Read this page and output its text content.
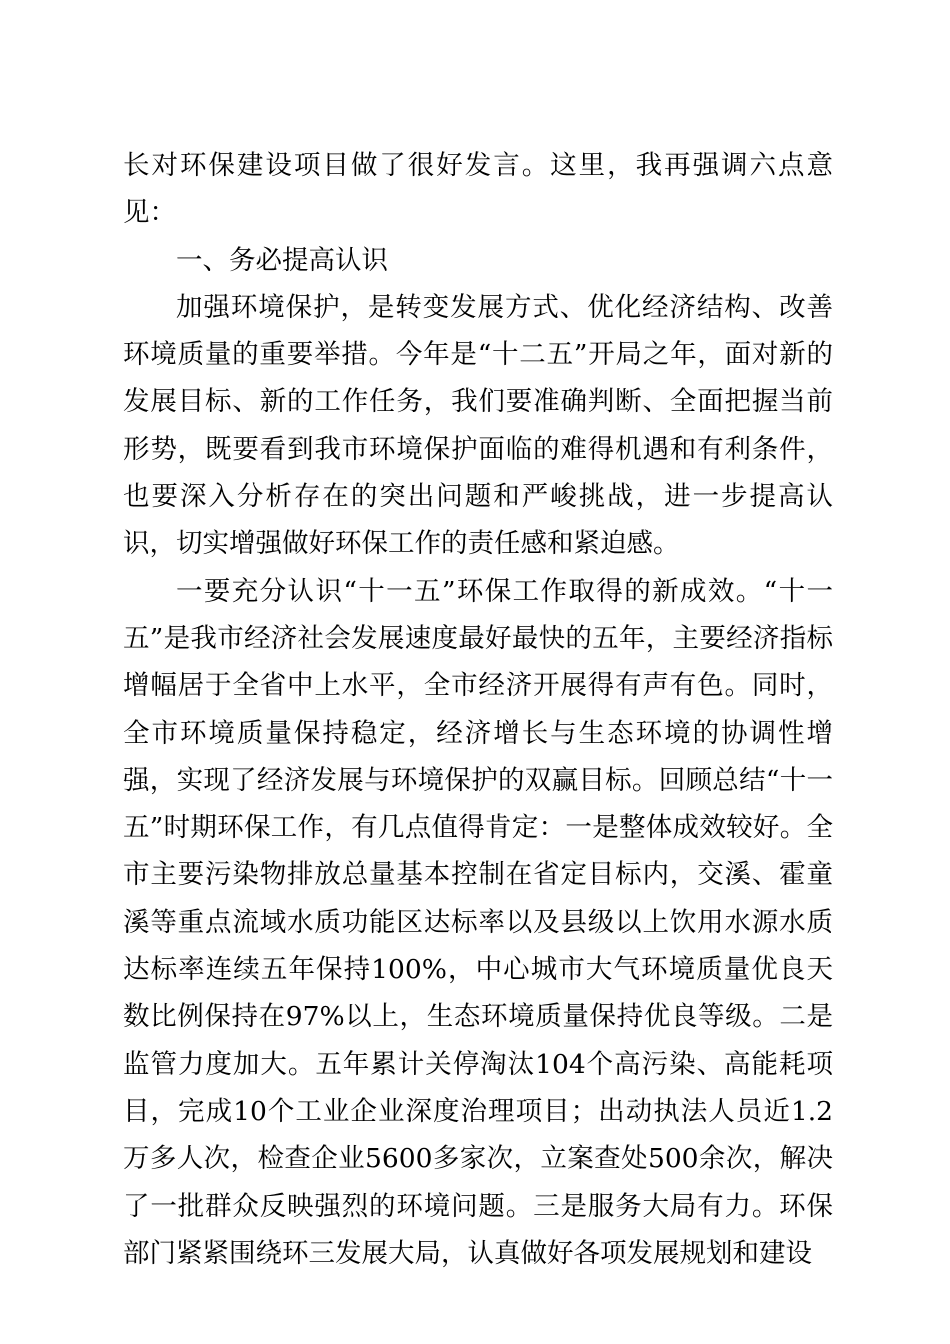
长对环保建设项目做了很好发言。这里，我再强调六点意见：

一、务必提高认识

加强环境保护，是转变发展方式、优化经济结构、改善环境质量的重要举措。今年是“十二五”开局之年，面对新的发展目标、新的工作任务，我们要准确判断、全面把握当前形势，既要看到我市环境保护面临的难得机遇和有利条件，也要深入分析存在的突出问题和严峻挑战，进一步提高认识，切实增强做好环保工作的责任感和紧迫感。

一要充分认识“十一五”环保工作取得的新成效。“十一五”是我市经济社会发展速度最好最快的五年，主要经济指标增幅居于全省中上水平，全市经济开展得有声有色。同时，全市环境质量保持稳定，经济增长与生态环境的协调性增强，实现了经济发展与环境保护的双赢目标。回顾总结“十一五”时期环保工作，有几点值得肯定：一是整体成效较好。全市主要污染物排放总量基本控制在省定目标内，交溪、霍童溪等重点流域水质功能区达标率以及县级以上饮用水源水质达标率连续五年保持100%，中心城市大气环境质量优良天数比例保持在97%以上，生态环境质量保持优良等级。二是监管力度加大。五年累计关停淘汰104个高污染、高能耗项目，完成10个工业企业深度治理项目；出动执法人员近1.2万多人次，检查企业5600多家次，立案查处500余次，解决了一批群众反映强烈的环境问题。三是服务大局有力。环保部门紧紧围绕环三发展大局，认真做好各项发展规划和建设
